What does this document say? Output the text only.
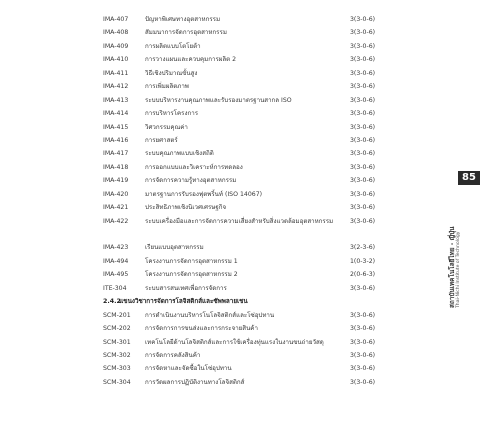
IMA-407	ปัญหาพิเศษทางอุตสาหกรรม	3(3-0-6)
IMA-408	สัมมนาการจัดการอุตสาหกรรม	3(3-0-6)
IMA-409	การผลิตแบบโตโยต้า	3(3-0-6)
IMA-410	การวางแผนและควบคุมการผลิต 2	3(3-0-6)
IMA-411	วิธีเชิงปริมาณขั้นสูง	3(3-0-6)
IMA-412	การเพิ่มผลิตภาพ	3(3-0-6)
IMA-413	ระบบบริหารงานคุณภาพและรับรองมาตรฐานสากล ISO	3(3-0-6)
IMA-414	การบริหารโครงการ	3(3-0-6)
IMA-415	วิศวกรรมคุณค่า	3(3-0-6)
IMA-416	การยศาสตร์	3(3-0-6)
IMA-417	ระบบคุณภาพแบบเชิงสถิติ	3(3-0-6)
IMA-418	การออกแบบและวิเคราะห์การทดลอง	3(3-0-6)
IMA-419	การจัดการความรู้ทางอุตสาหกรรม	3(3-0-6)
IMA-420	มาตรฐานการรับรองฟุตพริ้นท์ (ISO 14067)	3(3-0-6)
IMA-421	ประสิทธิภาพเชิงนิเวศเศรษฐกิจ	3(3-0-6)
IMA-422	ระบบเครื่องมือและการจัดการความเสี่ยงสำหรับสิ่งแวดล้อมอุตสาหกรรม	3(3-0-6)
IMA-423	เรียนแบบอุตสาหกรรม	3(2-3-6)
IMA-494	โครงงานการจัดการอุตสาหกรรม 1	1(0-3-2)
IMA-495	โครงงานการจัดการอุตสาหกรรม 2	2(0-6-3)
ITE-304	ระบบสารสนเทศเพื่อการจัดการ	3(3-0-6)
2.4.2 แขนงวิชาการจัดการโลจิสติกส์และซัพพลายเชน
SCM-201 การดำเนินงานบริหารโนโลจิสติกส์และโซ่อุปทาน	3(3-0-6)
SCM-202 การจัดการการขนส่งและการกระจายสินค้า	3(3-0-6)
SCM-301 เทคโนโลยีด้านโลจิสติกส์และการใช้เครื่องทุ่นแรงในงานขนถ่ายวัสดุ	3(3-0-6)
SCM-302 การจัดการคลังสินค้า	3(3-0-6)
SCM-303 การจัดหาและจัดซื้อในโซ่อุปทาน	3(3-0-6)
SCM-304 การวัดผลการปฏิบัติงานทางโลจิสติกส์	3(3-0-6)
85
สถาบันเทคโนโลยีไทย - ญี่ปุ่น Thai-Nichi Institute of Technology
